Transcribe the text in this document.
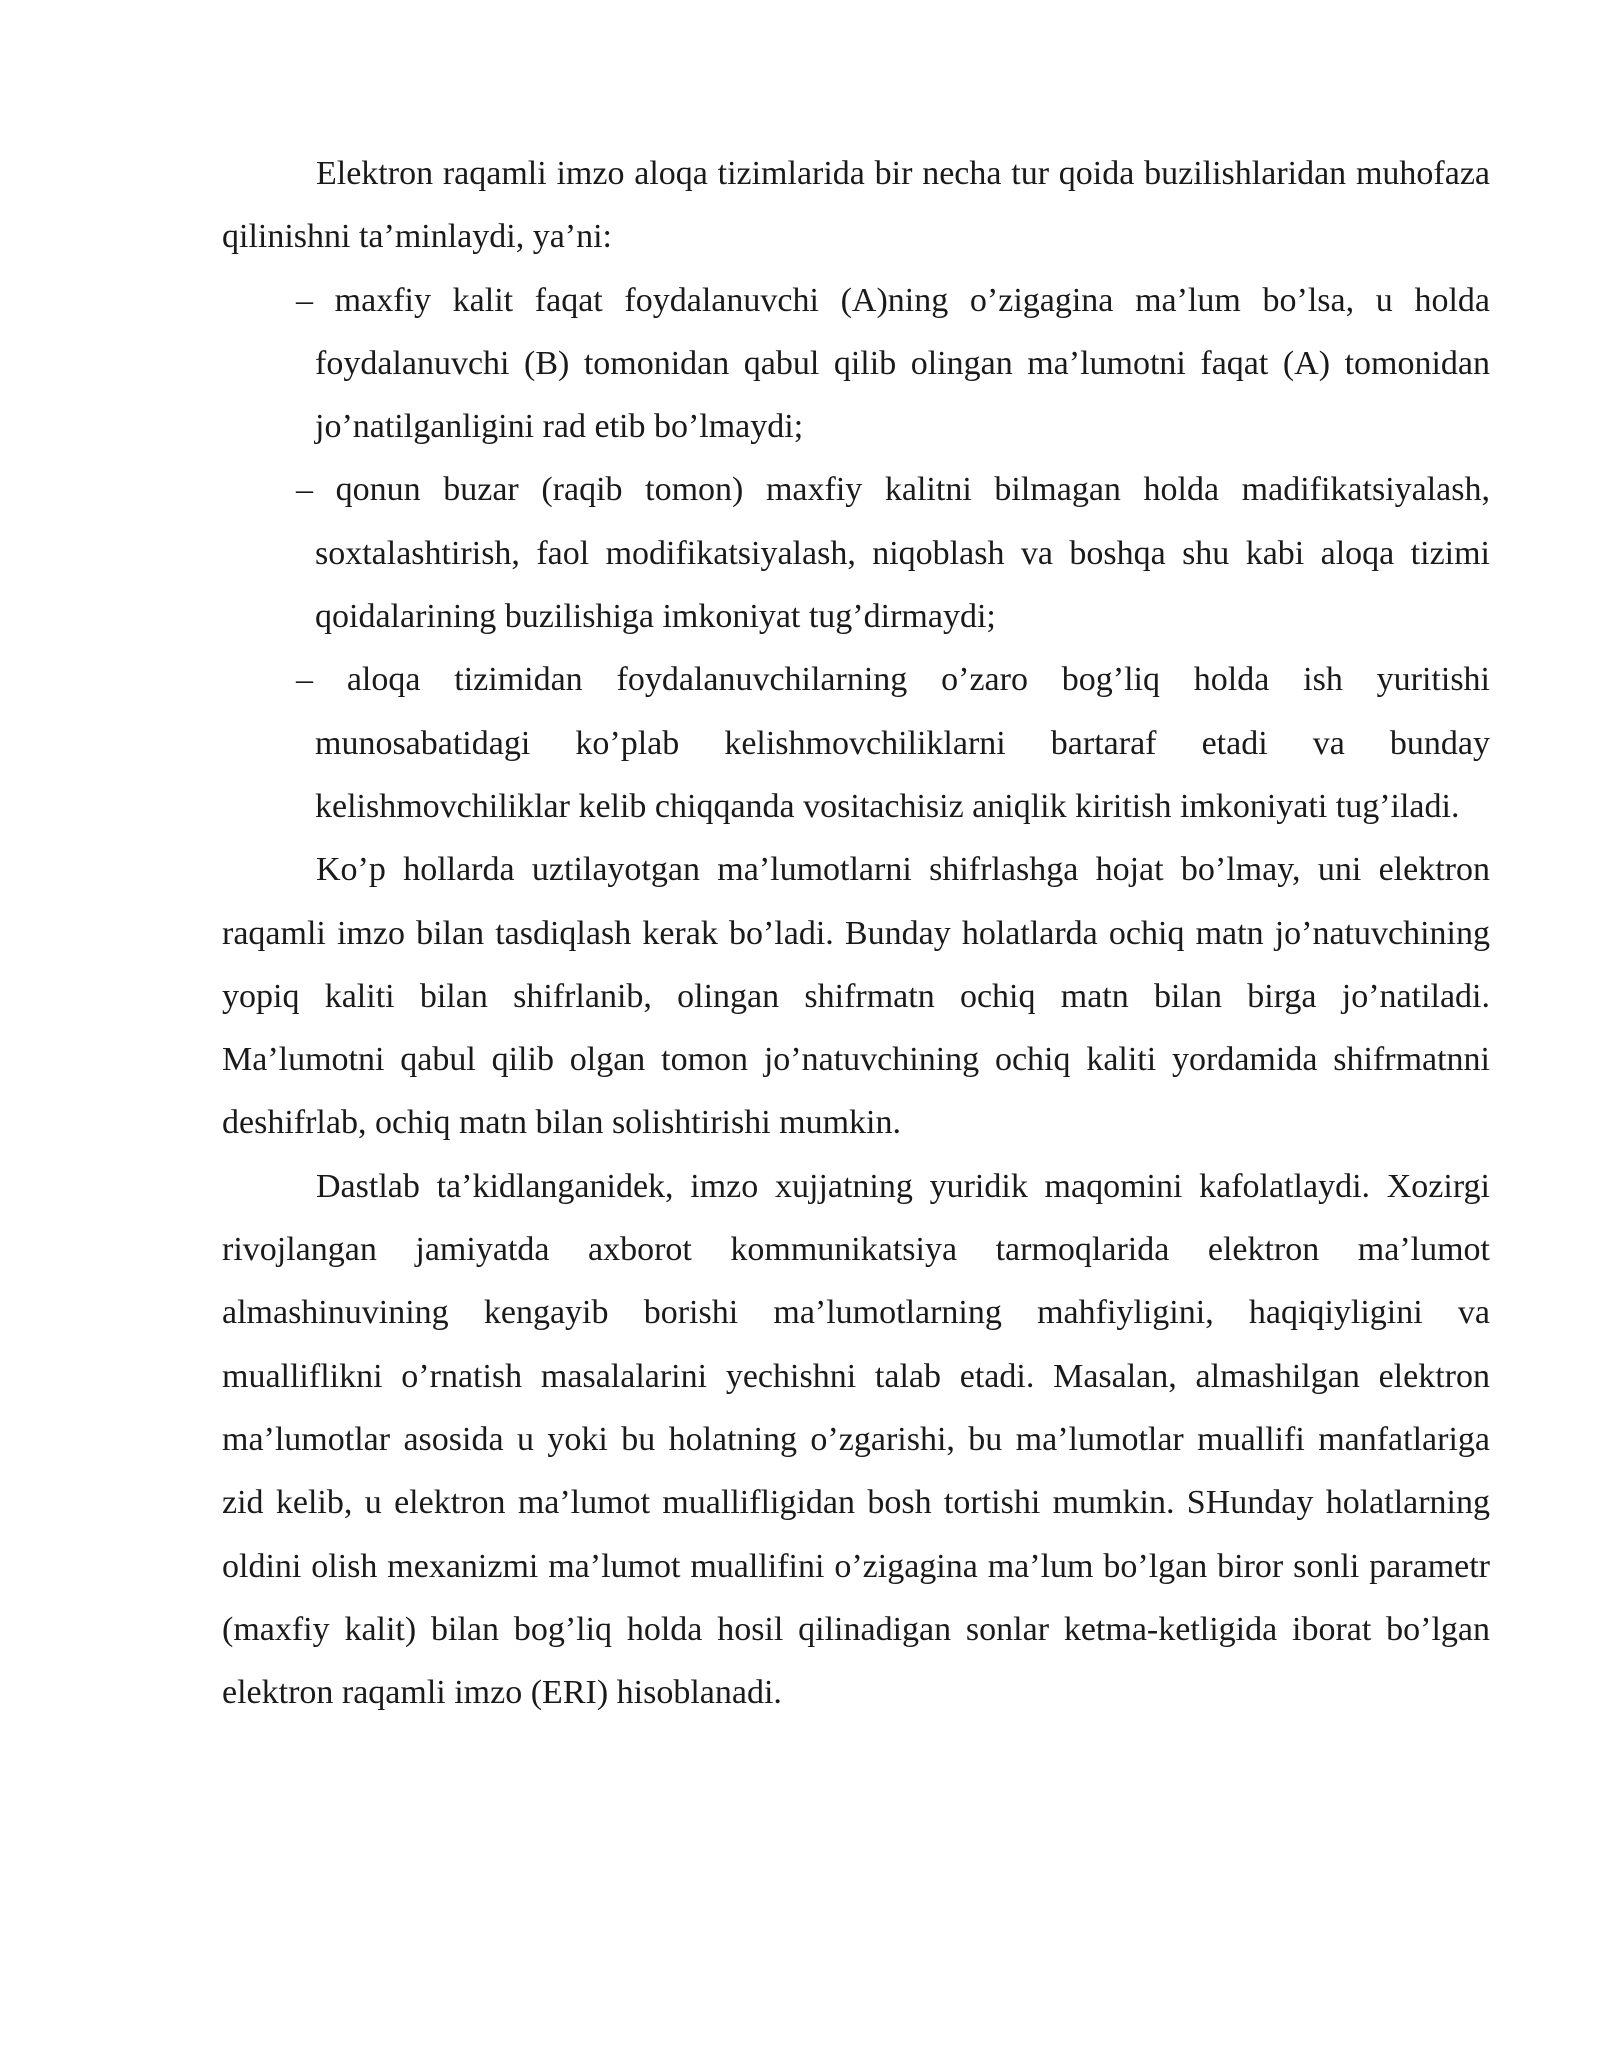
Elektron raqamli imzo aloqa tizimlarida bir necha tur qoida buzilishlaridan muhofaza qilinishni ta’minlaydi, ya’ni:

– maxfiy kalit faqat foydalanuvchi (A)ning o’zigagina ma’lum bo’lsa, u holda foydalanuvchi (B) tomonidan qabul qilib olingan ma’lumotni faqat (A) tomonidan jo’natilganligini rad etib bo’lmaydi;
– qonun buzar (raqib tomon) maxfiy kalitni bilmagan holda madifikatsiyalash, soxtalashtirish, faol modifikatsiyalash, niqoblash va boshqa shu kabi aloqa tizimi qoidalarining buzilishiga imkoniyat tug’dirmaydi;
– aloqa tizimidan foydalanuvchilarning o’zaro bog’liq holda ish yuritishi munosabatidagi ko’plab kelishmovchiliklarni bartaraf etadi va bunday kelishmovchiliklar kelib chiqqanda vositachisiz aniqlik kiritish imkoniyati tug’iladi.

Ko’p hollarda uztilayotgan ma’lumotlarni shifrlashga hojat bo’lmay, uni elektron raqamli imzo bilan tasdiqlash kerak bo’ladi. Bunday holatlarda ochiq matn jo’natuvchining yopiq kaliti bilan shifrlanib, olingan shifrmatn ochiq matn bilan birga jo’natiladi. Ma’lumotni qabul qilib olgan tomon jo’natuvchining ochiq kaliti yordamida shifrmatnni deshifrlab, ochiq matn bilan solishtirishi mumkin.

Dastlab ta’kidlanganidek, imzo xujjatning yuridik maqomini kafolatlaydi. Xozirgi rivojlangan jamiyatda axborot kommunikatsiya tarmoqlarida elektron ma’lumot almashinuvining kengayib borishi ma’lumotlarning mahfiyligini, haqiqiyligini va mualliflikni o’rnatish masalalarini yechishni talab etadi. Masalan, almashilgan elektron ma’lumotlar asosida u yoki bu holatning o’zgarishi, bu ma’lumotlar muallifi manfatlariga zid kelib, u elektron ma’lumot muallifligidan bosh tortishi mumkin. SHunday holatlarning oldini olish mexanizmi ma’lumot muallifini o’zigagina ma’lum bo’lgan biror sonli parametr (maxfiy kalit) bilan bog’liq holda hosil qilinadigan sonlar ketma-ketligida iborat bo’lgan elektron raqamli imzo (ERI) hisoblanadi.
